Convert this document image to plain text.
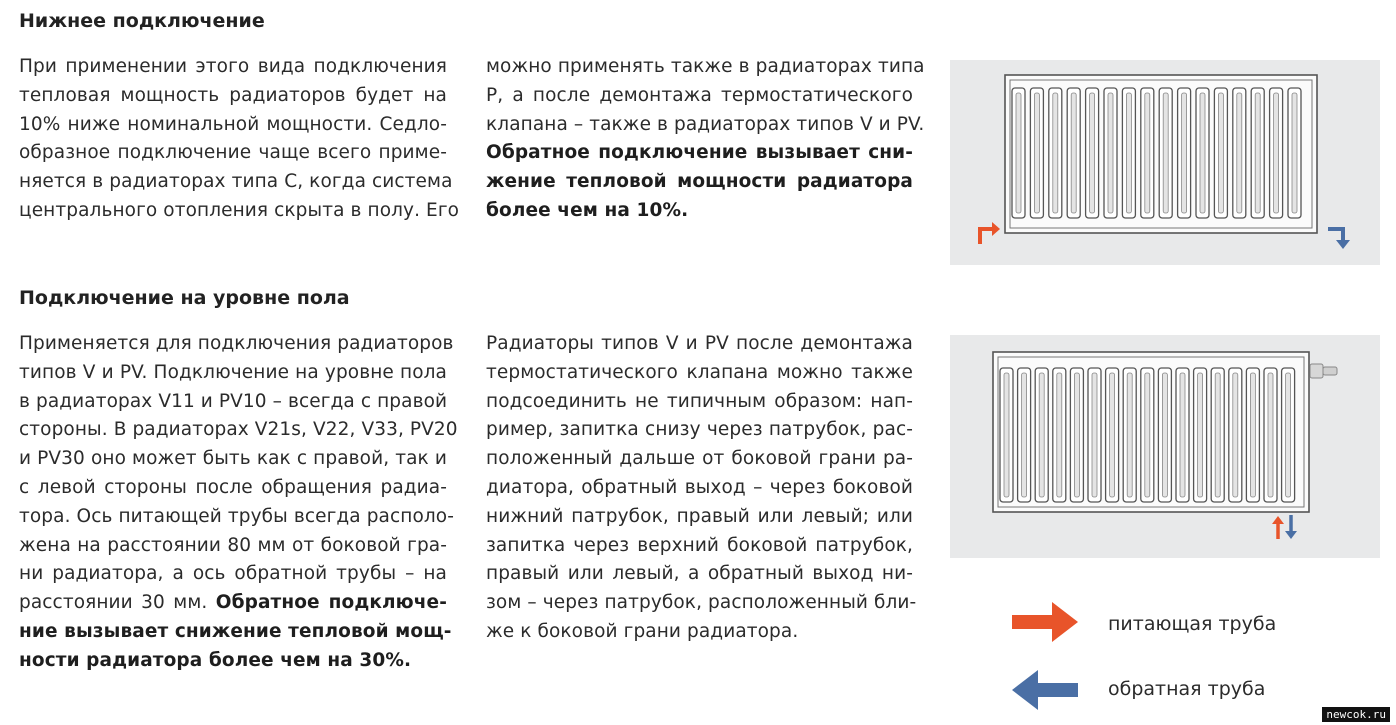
Нижнее подключение
При применении этого вида подключения
тепловая мощность радиаторов будет на
10% ниже номинальной мощности. Седло-
образное подключение чаще всего приме-
няется в радиаторах типа С, когда система
центрального отопления скрыта в полу. Его
можно применять также в радиаторах типа
Р, а после демонтажа термостатического
клапана – также в радиаторах типов V и PV.
Обратное подключение вызывает сни-
жение тепловой мощности радиатора
более чем на 10%.
Подключение на уровне пола
Применяется для подключения радиаторов
типов V и PV. Подключение на уровне пола
в радиаторах V11 и PV10 – всегда с правой
стороны. В радиаторах V21s, V22, V33, PV20
и PV30 оно может быть как с правой, так и
с левой стороны после обращения радиа-
тора. Ось питающей трубы всегда располо-
жена на расстоянии 80 мм от боковой гра-
ни радиатора, а ось обратной трубы – на
расстоянии 30 мм. Обратное подключе-
ние вызывает снижение тепловой мощ-
ности радиатора более чем на 30%.
Радиаторы типов V и PV после демонтажа
термостатического клапана можно также
подсоединить не типичным образом: нап-
ример, запитка снизу через патрубок, рас-
положенный дальше от боковой грани ра-
диатора, обратный выход – через боковой
нижний патрубок, правый или левый; или
запитка через верхний боковой патрубок,
правый или левый, а обратный выход ни-
зом – через патрубок, расположенный бли-
же к боковой грани радиатора.	питающая труба
обратная труба
newcok.ru
